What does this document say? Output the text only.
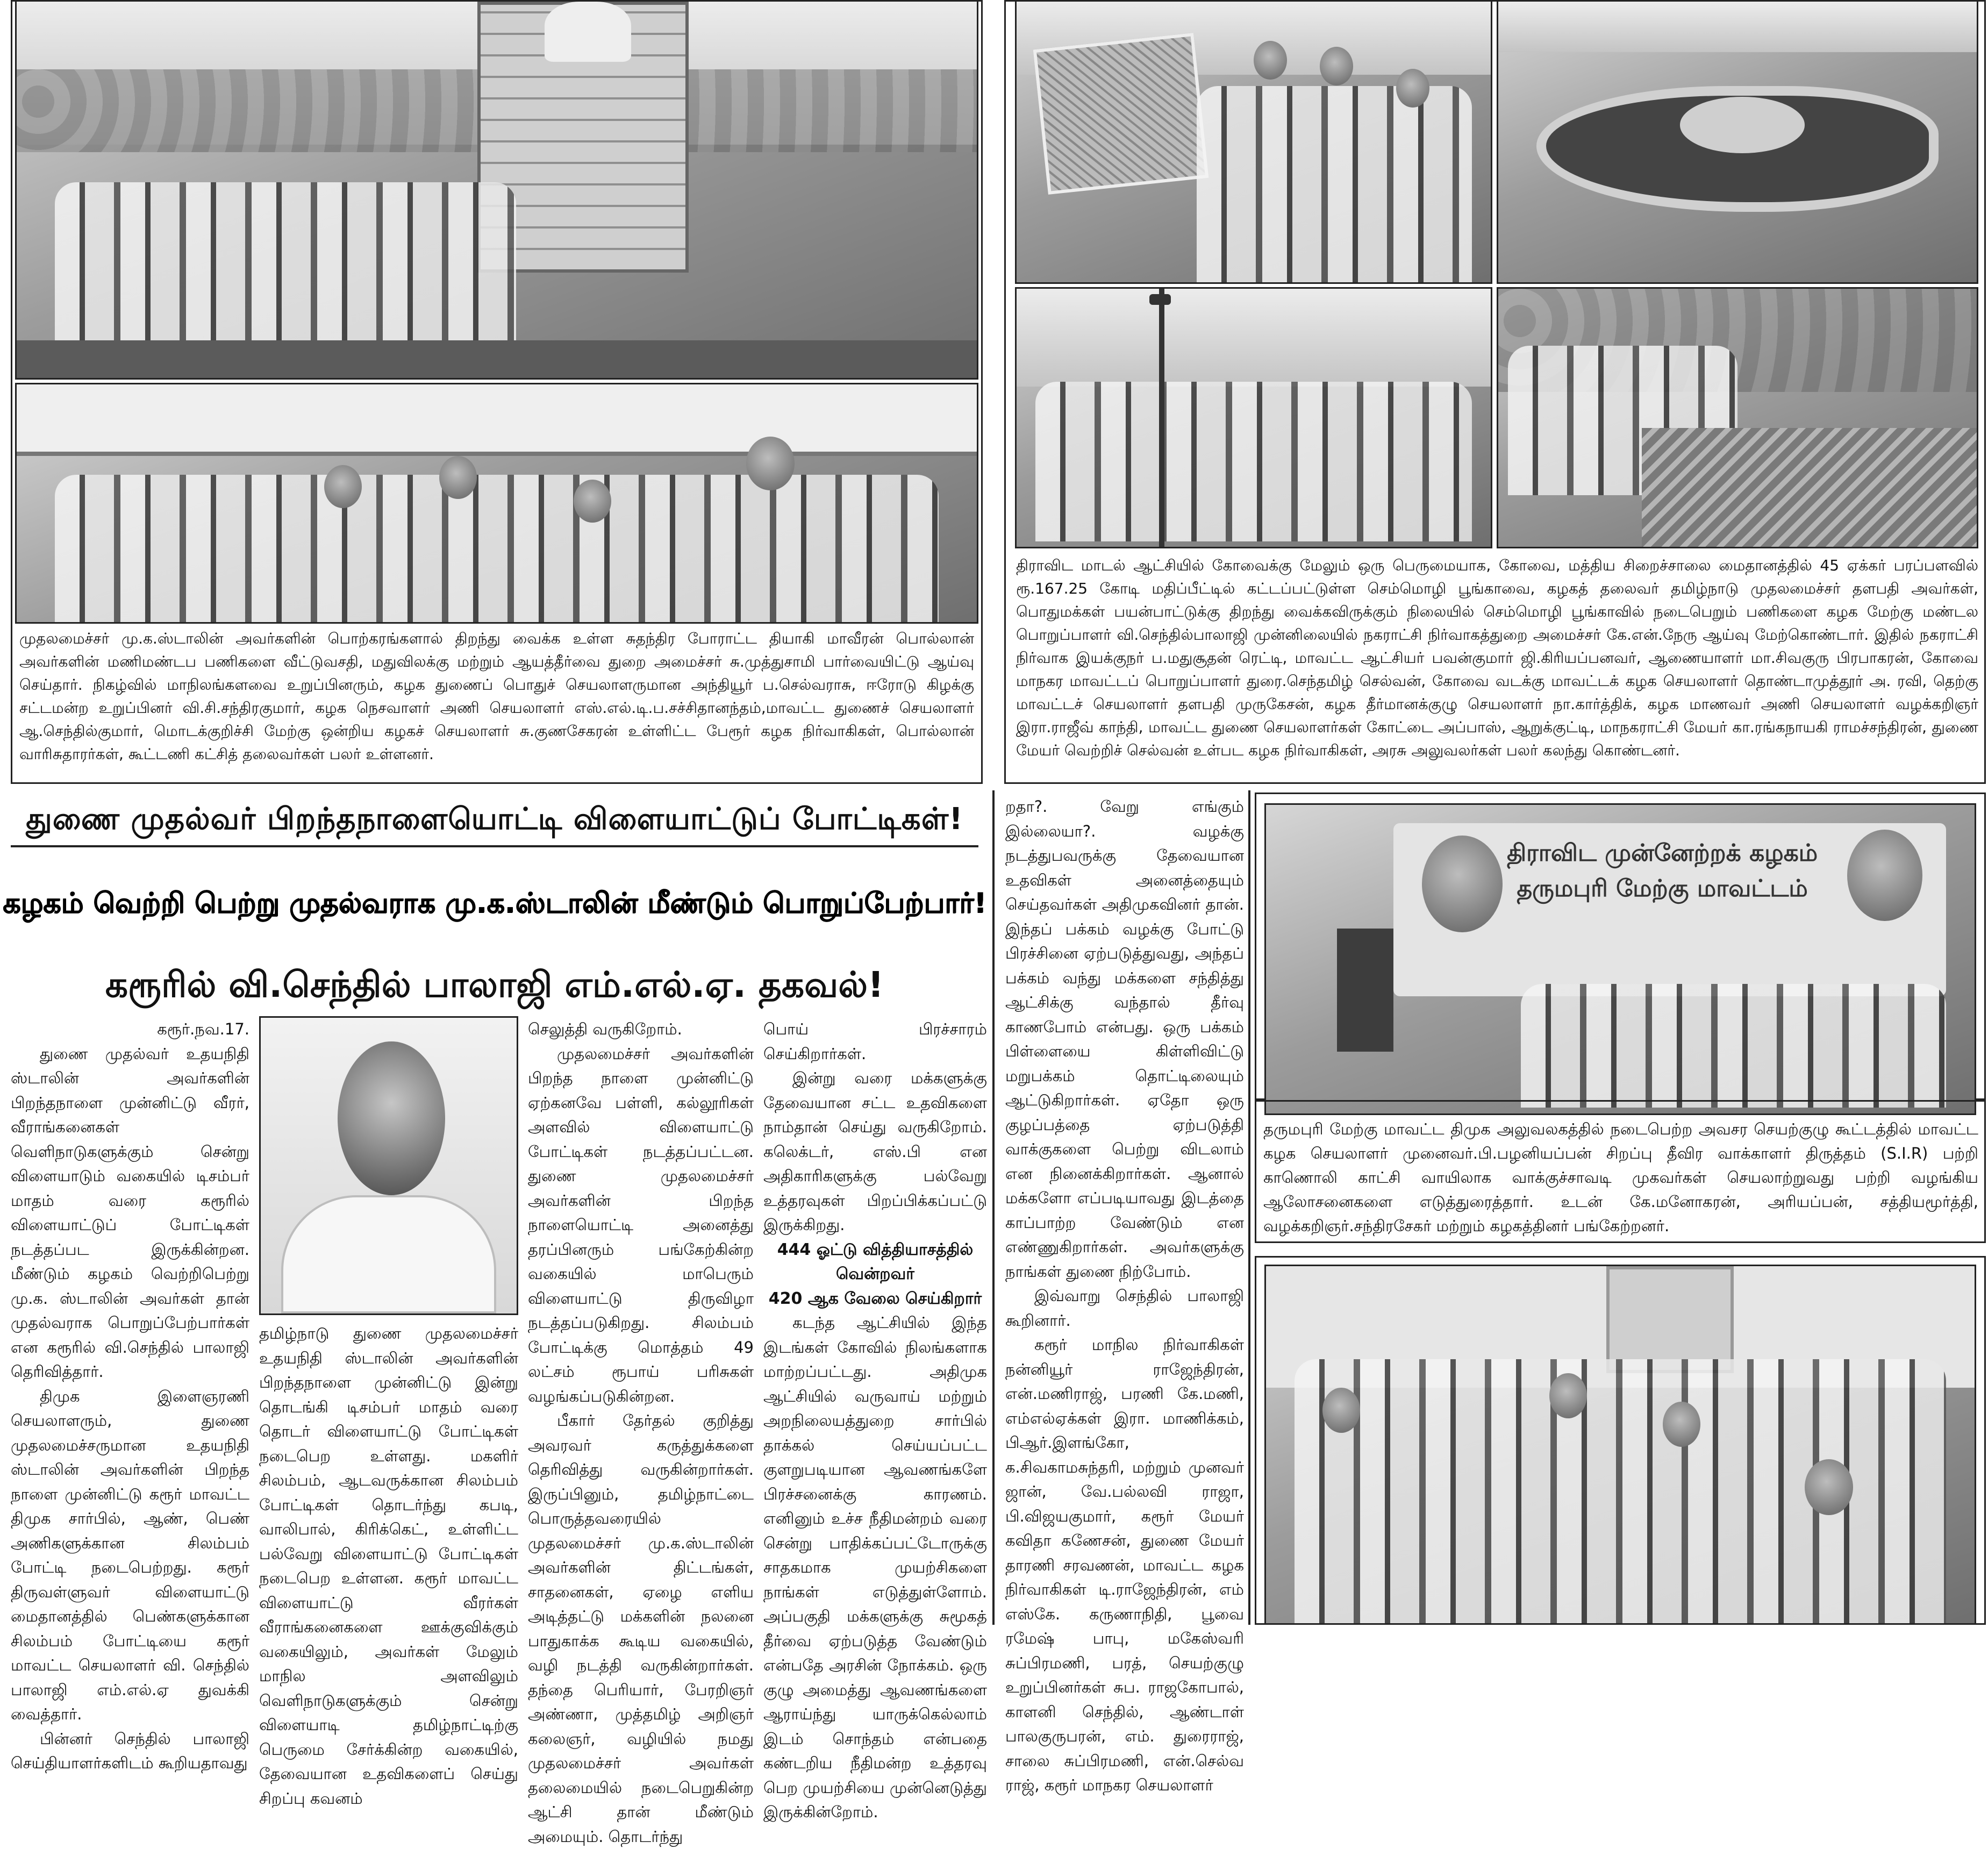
முதலமைச்சர் மு.க.ஸ்டாலின் அவர்களின் பொற்கரங்களால் திறந்து வைக்க உள்ள சுதந்திர போராட்ட தியாகி மாவீரன் பொல்லான் அவர்களின் மணிமண்டப பணிகளை வீட்டுவசதி, மதுவிலக்கு மற்றும் ஆயத்தீர்வை துறை அமைச்சர் சு.முத்துசாமி பார்வையிட்டு ஆய்வு செய்தார். நிகழ்வில் மாநிலங்களவை உறுப்பினரும், கழக துணைப் பொதுச் செயலாளருமான அந்தியூர் ப.செல்வராசு, ஈரோடு கிழக்கு சட்டமன்ற உறுப்பினர் வி.சி.சந்திரகுமார், கழக நெசவாளர் அணி செயலாளர் எஸ்.எல்.டி.ப.சச்சிதானந்தம்,மாவட்ட துணைச் செயலாளர் ஆ.செந்தில்குமார், மொடக்குறிச்சி மேற்கு ஒன்றிய கழகச் செயலாளர் சு.குணசேகரன் உள்ளிட்ட பேரூர் கழக நிர்வாகிகள், பொல்லான் வாரிசுதாரர்கள், கூட்டணி கட்சித் தலைவர்கள் பலர் உள்ளனர்.
திராவிட மாடல் ஆட்சியில் கோவைக்கு மேலும் ஒரு பெருமையாக, கோவை, மத்திய சிறைச்சாலை மைதானத்தில் 45 ஏக்கர் பரப்பளவில் ரூ.167.25 கோடி மதிப்பீட்டில் கட்டப்பட்டுள்ள செம்மொழி பூங்காவை, கழகத் தலைவர் தமிழ்நாடு முதலமைச்சர் தளபதி அவர்கள், பொதுமக்கள் பயன்பாட்டுக்கு திறந்து வைக்கவிருக்கும் நிலையில் செம்மொழி பூங்காவில் நடைபெறும் பணிகளை கழக மேற்கு மண்டல பொறுப்பாளர் வி.செந்தில்பாலாஜி முன்னிலையில் நகராட்சி நிர்வாகத்துறை அமைச்சர் கே.என்.நேரு ஆய்வு மேற்கொண்டார். இதில் நகராட்சி நிர்வாக இயக்குநர் ப.மதுசூதன் ரெட்டி, மாவட்ட ஆட்சியர் பவன்குமார் ஜி.கிரியப்பனவர், ஆணையாளர் மா.சிவகுரு பிரபாகரன், கோவை மாநகர மாவட்டப் பொறுப்பாளர் துரை.செந்தமிழ் செல்வன், கோவை வடக்கு மாவட்டக் கழக செயலாளர் தொண்டாமுத்தூர் அ. ரவி, தெற்கு மாவட்டச் செயலாளர் தளபதி முருகேசன், கழக தீர்மானக்குழு செயலாளர் நா.கார்த்திக், கழக மாணவர் அணி செயலாளர் வழக்கறிஞர் இரா.ராஜீவ் காந்தி, மாவட்ட துணை செயலாளர்கள் கோட்டை அப்பாஸ், ஆறுக்குட்டி, மாநகராட்சி மேயர் கா.ரங்கநாயகி ராமச்சந்திரன், துணை மேயர் வெற்றிச் செல்வன் உள்பட கழக நிர்வாகிகள், அரசு அலுவலர்கள் பலர் கலந்து கொண்டனர்.
துணை முதல்வர் பிறந்தநாளையொட்டி விளையாட்டுப் போட்டிகள்!
கழகம் வெற்றி பெற்று முதல்வராக மு.க.ஸ்டாலின் மீண்டும் பொறுப்பேற்பார்!
கரூரில் வி.செந்தில் பாலாஜி எம்.எல்.ஏ. தகவல்!
கரூர்.நவ.17.

துணை முதல்வர் உதயநிதி ஸ்டாலின் அவர்களின் பிறந்தநாளை முன்னிட்டு வீரர், வீராங்கனைகள் வெளிநாடுகளுக்கும் சென்று விளையாடும் வகையில் டிசம்பர் மாதம் வரை கரூரில் விளையாட்டுப் போட்டிகள் நடத்தப்பட இருக்கின்றன. மீண்டும் கழகம் வெற்றிபெற்று மு.க. ஸ்டாலின் அவர்கள் தான் முதல்வராக பொறுப்பேற்பார்கள் என கரூரில் வி.செந்தில் பாலாஜி தெரிவித்தார்.

திமுக இளைஞரணி செயலாளரும், துணை முதலமைச்சருமான உதயநிதி ஸ்டாலின் அவர்களின் பிறந்த நாளை முன்னிட்டு கரூர் மாவட்ட திமுக சார்பில், ஆண், பெண் அணிகளுக்கான சிலம்பம் போட்டி நடைபெற்றது. கரூர் திருவள்ளுவர் விளையாட்டு மைதானத்தில் பெண்களுக்கான சிலம்பம் போட்டியை கரூர் மாவட்ட செயலாளர் வி. செந்தில் பாலாஜி எம்.எல்.ஏ துவக்கி வைத்தார்.

பின்னர் செந்தில் பாலாஜி செய்தியாளர்களிடம் கூறியதாவது

தமிழ்நாடு துணை முதலமைச்சர் உதயநிதி ஸ்டாலின் அவர்களின் பிறந்தநாளை முன்னிட்டு இன்று தொடங்கி டிசம்பர் மாதம் வரை தொடர் விளையாட்டு போட்டிகள் நடைபெற உள்ளது. மகளிர் சிலம்பம், ஆடவருக்கான சிலம்பம் போட்டிகள் தொடர்ந்து கபடி, வாலிபால், கிரிக்கெட், உள்ளிட்ட பல்வேறு விளையாட்டு போட்டிகள் நடைபெற உள்ளன. கரூர் மாவட்ட விளையாட்டு வீரர்கள் வீராங்கனைகளை ஊக்குவிக்கும் வகையிலும், அவர்கள் மேலும் மாநில அளவிலும் வெளிநாடுகளுக்கும் சென்று விளையாடி தமிழ்நாட்டிற்கு பெருமை சேர்க்கின்ற வகையில், தேவையான உதவிகளைப் செய்து சிறப்பு கவனம்

செலுத்தி வருகிறோம்.

முதலமைச்சர் அவர்களின் பிறந்த நாளை முன்னிட்டு ஏற்கனவே பள்ளி, கல்லூரிகள் அளவில் விளையாட்டு போட்டிகள் நடத்தப்பட்டன. துணை முதலமைச்சர் அவர்களின் பிறந்த நாளையொட்டி அனைத்து தரப்பினரும் பங்கேற்கின்ற வகையில் மாபெரும் விளையாட்டு திருவிழா நடத்தப்படுகிறது. சிலம்பம் போட்டிக்கு மொத்தம் 49 லட்சம் ரூபாய் பரிசுகள் வழங்கப்படுகின்றன.

பீகார் தேர்தல் குறித்து அவரவர் கருத்துக்களை தெரிவித்து வருகின்றார்கள். இருப்பினும், தமிழ்நாட்டை பொருத்தவரையில் முதலமைச்சர் மு.க.ஸ்டாலின் அவர்களின் திட்டங்கள், சாதனைகள், ஏழை எளிய அடித்தட்டு மக்களின் நலனை பாதுகாக்க கூடிய வகையில், வழி நடத்தி வருகின்றார்கள். தந்தை பெரியார், பேரறிஞர் அண்ணா, முத்தமிழ் அறிஞர் கலைஞர், வழியில் நமது முதலமைச்சர் அவர்கள் தலைமையில் நடைபெறுகின்ற ஆட்சி தான் மீண்டும் அமையும். தொடர்ந்து

பொய் பிரச்சாரம் செய்கிறார்கள்.

இன்று வரை மக்களுக்கு தேவையான சட்ட உதவிகளை நாம்தான் செய்து வருகிறோம். கலெக்டர், எஸ்.பி என அதிகாரிகளுக்கு பல்வேறு உத்தரவுகள் பிறப்பிக்கப்பட்டு இருக்கிறது.

444 ஓட்டு வித்தியாசத்தில் வென்றவர்

420 ஆக வேலை செய்கிறார்

கடந்த ஆட்சியில் இந்த இடங்கள் கோவில் நிலங்களாக மாற்றப்பட்டது. அதிமுக ஆட்சியில் வருவாய் மற்றும் அறநிலையத்துறை சார்பில் தாக்கல் செய்யப்பட்ட குளறுபடியான ஆவணங்களே பிரச்சனைக்கு காரணம். எனினும் உச்ச நீதிமன்றம் வரை சென்று பாதிக்கப்பட்டோருக்கு சாதகமாக முயற்சிகளை நாங்கள் எடுத்துள்ளோம். அப்பகுதி மக்களுக்கு சுமூகத் தீர்வை ஏற்படுத்த வேண்டும் என்பதே அரசின் நோக்கம். ஒரு குழு அமைத்து ஆவணங்களை ஆராய்ந்து யாருக்கெல்லாம் இடம் சொந்தம் என்பதை கண்டறிய நீதிமன்ற உத்தரவு பெற முயற்சியை முன்னெடுத்து இருக்கின்றோம்.

றதா?. வேறு எங்கும் இல்லையா?. வழக்கு நடத்துபவருக்கு தேவையான உதவிகள் அனைத்தையும் செய்தவர்கள் அதிமுகவினர் தான். இந்தப் பக்கம் வழக்கு போட்டு பிரச்சினை ஏற்படுத்துவது, அந்தப் பக்கம் வந்து மக்களை சந்தித்து ஆட்சிக்கு வந்தால் தீர்வு காணபோம் என்பது. ஒரு பக்கம் பிள்ளையை கிள்ளிவிட்டு மறுபக்கம் தொட்டிலையும் ஆட்டுகிறார்கள். ஏதோ ஒரு குழப்பத்தை ஏற்படுத்தி வாக்குகளை பெற்று விடலாம் என நினைக்கிறார்கள். ஆனால் மக்களோ எப்படியாவது இடத்தை காப்பாற்ற வேண்டும் என எண்ணுகிறார்கள். அவர்களுக்கு நாங்கள் துணை நிற்போம்.

இவ்வாறு செந்தில் பாலாஜி கூறினார்.

கரூர் மாநில நிர்வாகிகள் நன்னியூர் ராஜேந்திரன், என்.மணிராஜ், பரணி கே.மணி, எம்எல்ஏக்கள் இரா. மாணிக்கம், பிஆர்.இளங்கோ, க.சிவகாமசுந்தரி, மற்றும் முனவர் ஜான், வே.பல்லவி ராஜா, பி.விஜயகுமார், கரூர் மேயர் கவிதா கணேசன், துணை மேயர் தாரணி சரவணன், மாவட்ட கழக நிர்வாகிகள் டி.ராஜேந்திரன், எம் எஸ்கே. கருணாநிதி, பூவை ரமேஷ் பாபு, மகேஸ்வரி சுப்பிரமணி, பரத், செயற்குழு உறுப்பினர்கள் சுப. ராஜகோபால், காளனி செந்தில், ஆண்டாள் பாலகுருபரன், எம். துரைராஜ், சாலை சுப்பிரமணி, என்.செல்வ ராஜ், கரூர் மாநகர செயலாளர்

திராவிட முன்னேற்றக் கழகம்
தருமபுரி மேற்கு மாவட்டம்
தருமபுரி மேற்கு மாவட்ட திமுக அலுவலகத்தில் நடைபெற்ற அவசர செயற்குழு கூட்டத்தில் மாவட்ட கழக செயலாளர் முனைவர்.பி.பழனியப்பன் சிறப்பு தீவிர வாக்காளர் திருத்தம் (S.I.R) பற்றி காணொலி காட்சி வாயிலாக வாக்குச்சாவடி முகவர்கள் செயலாற்றுவது பற்றி வழங்கிய ஆலோசனைகளை எடுத்துரைத்தார். உடன் கே.மனோகரன், அரியப்பன், சத்தியமூர்த்தி, வழக்கறிஞர்.சந்திரசேகர் மற்றும் கழகத்தினர் பங்கேற்றனர்.
